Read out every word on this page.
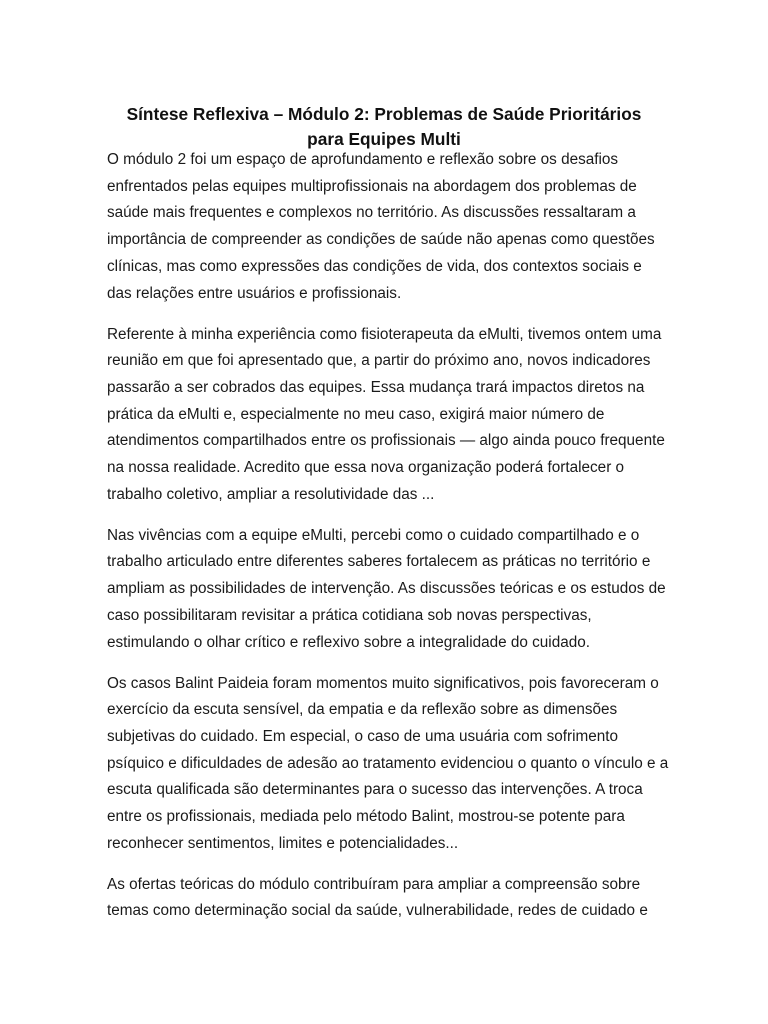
Síntese Reflexiva – Módulo 2: Problemas de Saúde Prioritários
para Equipes Multi

O módulo 2 foi um espaço de aprofundamento e reflexão sobre os desafios
enfrentados pelas equipes multiprofissionais na abordagem dos problemas de
saúde mais frequentes e complexos no território. As discussões ressaltaram a
importância de compreender as condições de saúde não apenas como questões
clínicas, mas como expressões das condições de vida, dos contextos sociais e
das relações entre usuários e profissionais.

Referente à minha experiência como fisioterapeuta da eMulti, tivemos ontem uma
reunião em que foi apresentado que, a partir do próximo ano, novos indicadores
passarão a ser cobrados das equipes. Essa mudança trará impactos diretos na
prática da eMulti e, especialmente no meu caso, exigirá maior número de
atendimentos compartilhados entre os profissionais — algo ainda pouco frequente
na nossa realidade. Acredito que essa nova organização poderá fortalecer o
trabalho coletivo, ampliar a resolutividade das ...

Nas vivências com a equipe eMulti, percebi como o cuidado compartilhado e o
trabalho articulado entre diferentes saberes fortalecem as práticas no território e
ampliam as possibilidades de intervenção. As discussões teóricas e os estudos de
caso possibilitaram revisitar a prática cotidiana sob novas perspectivas,
estimulando o olhar crítico e reflexivo sobre a integralidade do cuidado.

Os casos Balint Paideia foram momentos muito significativos, pois favoreceram o
exercício da escuta sensível, da empatia e da reflexão sobre as dimensões
subjetivas do cuidado. Em especial, o caso de uma usuária com sofrimento
psíquico e dificuldades de adesão ao tratamento evidenciou o quanto o vínculo e a
escuta qualificada são determinantes para o sucesso das intervenções. A troca
entre os profissionais, mediada pelo método Balint, mostrou-se potente para
reconhecer sentimentos, limites e potencialidades...

As ofertas teóricas do módulo contribuíram para ampliar a compreensão sobre
temas como determinação social da saúde, vulnerabilidade, redes de cuidado e
